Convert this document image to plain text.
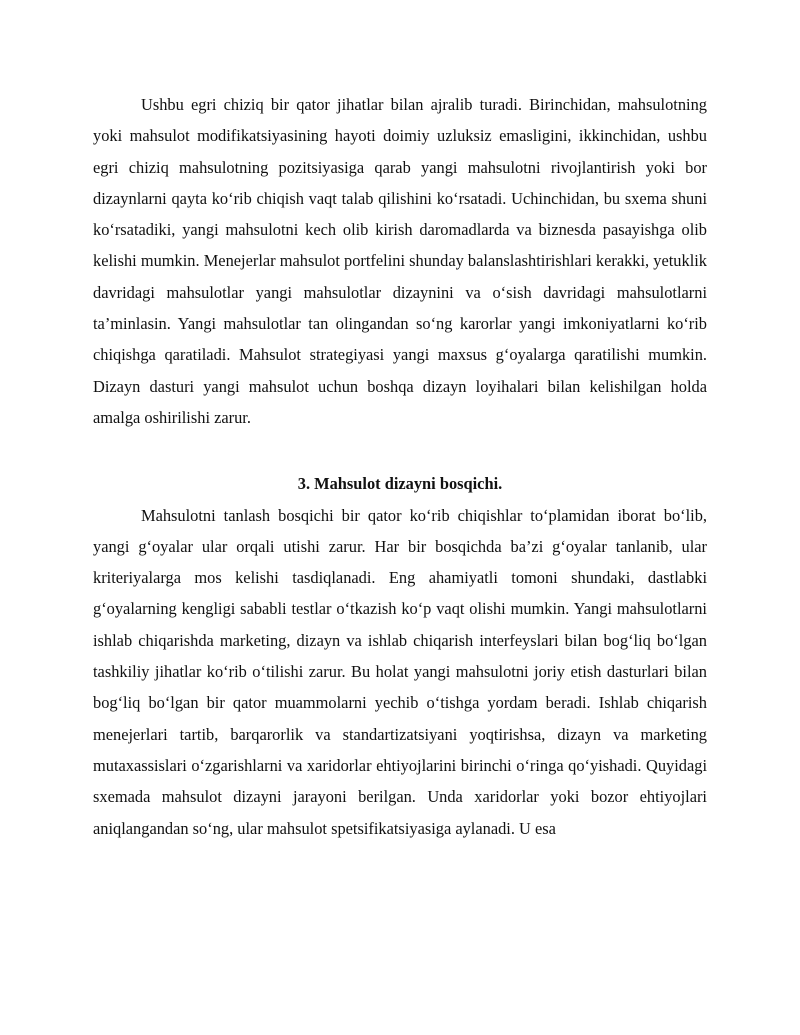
Ushbu egri chiziq bir qator jihatlar bilan ajralib turadi. Birinchidan, mahsulotning yoki mahsulot modifikatsiyasining hayoti doimiy uzluksiz emasligini, ikkinchidan, ushbu egri chiziq mahsulotning pozitsiyasiga qarab yangi mahsulotni rivojlantirish yoki bor dizaynlarni qayta ko‘rib chiqish vaqt talab qilishini ko‘rsatadi. Uchinchidan, bu sxema shuni ko‘rsatadiki, yangi mahsulotni kech olib kirish daromadlarda va biznesda pasayishga olib kelishi mumkin. Menejerlar mahsulot portfelini shunday balanslashtirishlari kerakki, yetuklik davridagi mahsulotlar yangi mahsulotlar dizaynini va o‘sish davridagi mahsulotlarni ta’minlasin. Yangi mahsulotlar tan olingandan so‘ng karorlar yangi imkoniyatlarni ko‘rib chiqishga qaratiladi. Mahsulot strategiyasi yangi maxsus g‘oyalarga qaratilishi mumkin. Dizayn dasturi yangi mahsulot uchun boshqa dizayn loyihalari bilan kelishilgan holda amalga oshirilishi zarur.

3. Mahsulot dizayni bosqichi.

Mahsulotni tanlash bosqichi bir qator ko‘rib chiqishlar to‘plamidan iborat bo‘lib, yangi g‘oyalar ular orqali utishi zarur. Har bir bosqichda ba’zi g‘oyalar tanlanib, ular kriteriyalarga mos kelishi tasdiqlanadi. Eng ahamiyatli tomoni shundaki, dastlabki g‘oyalarning kengligi sababli testlar o‘tkazish ko‘p vaqt olishi mumkin. Yangi mahsulotlarni ishlab chiqarishda marketing, dizayn va ishlab chiqarish interfeyslari bilan bog‘liq bo‘lgan tashkiliy jihatlar ko‘rib o‘tilishi zarur. Bu holat yangi mahsulotni joriy etish dasturlari bilan bog‘liq bo‘lgan bir qator muammolarni yechib o‘tishga yordam beradi. Ishlab chiqarish menejerlari tartib, barqarorlik va standartizatsiyani yoqtirishsa, dizayn va marketing mutaxassislari o‘zgarishlarni va xaridorlar ehtiyojlarini birinchi o‘ringa qo‘yishadi. Quyidagi sxemada mahsulot dizayni jarayoni berilgan. Unda xaridorlar yoki bozor ehtiyojlari aniqlangandan so‘ng, ular mahsulot spetsifikatsiyasiga aylanadi. U esa
